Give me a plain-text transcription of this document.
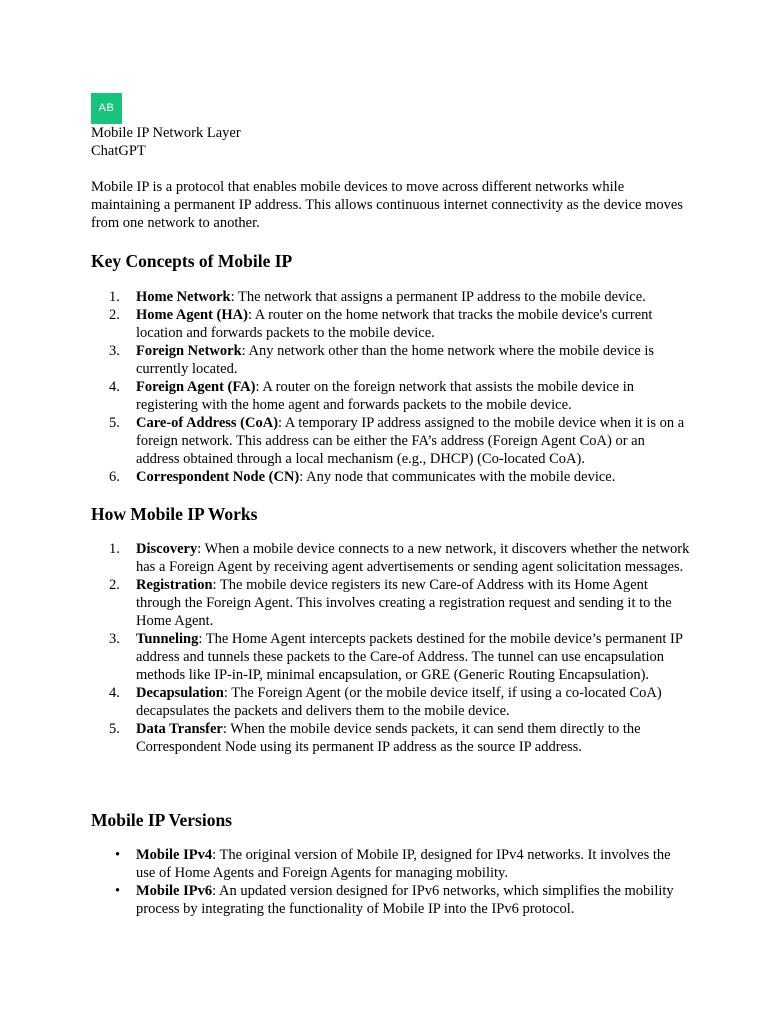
AB
Mobile IP Network Layer
ChatGPT

Mobile IP is a protocol that enables mobile devices to move across different networks while maintaining a permanent IP address. This allows continuous internet connectivity as the device moves from one network to another.

Key Concepts of Mobile IP
1. Home Network: The network that assigns a permanent IP address to the mobile device.
2. Home Agent (HA): A router on the home network that tracks the mobile device's current location and forwards packets to the mobile device.
3. Foreign Network: Any network other than the home network where the mobile device is currently located.
4. Foreign Agent (FA): A router on the foreign network that assists the mobile device in registering with the home agent and forwards packets to the mobile device.
5. Care-of Address (CoA): A temporary IP address assigned to the mobile device when it is on a foreign network. This address can be either the FA’s address (Foreign Agent CoA) or an address obtained through a local mechanism (e.g., DHCP) (Co-located CoA).
6. Correspondent Node (CN): Any node that communicates with the mobile device.
How Mobile IP Works
1. Discovery: When a mobile device connects to a new network, it discovers whether the network has a Foreign Agent by receiving agent advertisements or sending agent solicitation messages.
2. Registration: The mobile device registers its new Care-of Address with its Home Agent through the Foreign Agent. This involves creating a registration request and sending it to the Home Agent.
3. Tunneling: The Home Agent intercepts packets destined for the mobile device’s permanent IP address and tunnels these packets to the Care-of Address. The tunnel can use encapsulation methods like IP-in-IP, minimal encapsulation, or GRE (Generic Routing Encapsulation).
4. Decapsulation: The Foreign Agent (or the mobile device itself, if using a co-located CoA) decapsulates the packets and delivers them to the mobile device.
5. Data Transfer: When the mobile device sends packets, it can send them directly to the Correspondent Node using its permanent IP address as the source IP address.
Mobile IP Versions
• Mobile IPv4: The original version of Mobile IP, designed for IPv4 networks. It involves the use of Home Agents and Foreign Agents for managing mobility.
• Mobile IPv6: An updated version designed for IPv6 networks, which simplifies the mobility process by integrating the functionality of Mobile IP into the IPv6 protocol.
